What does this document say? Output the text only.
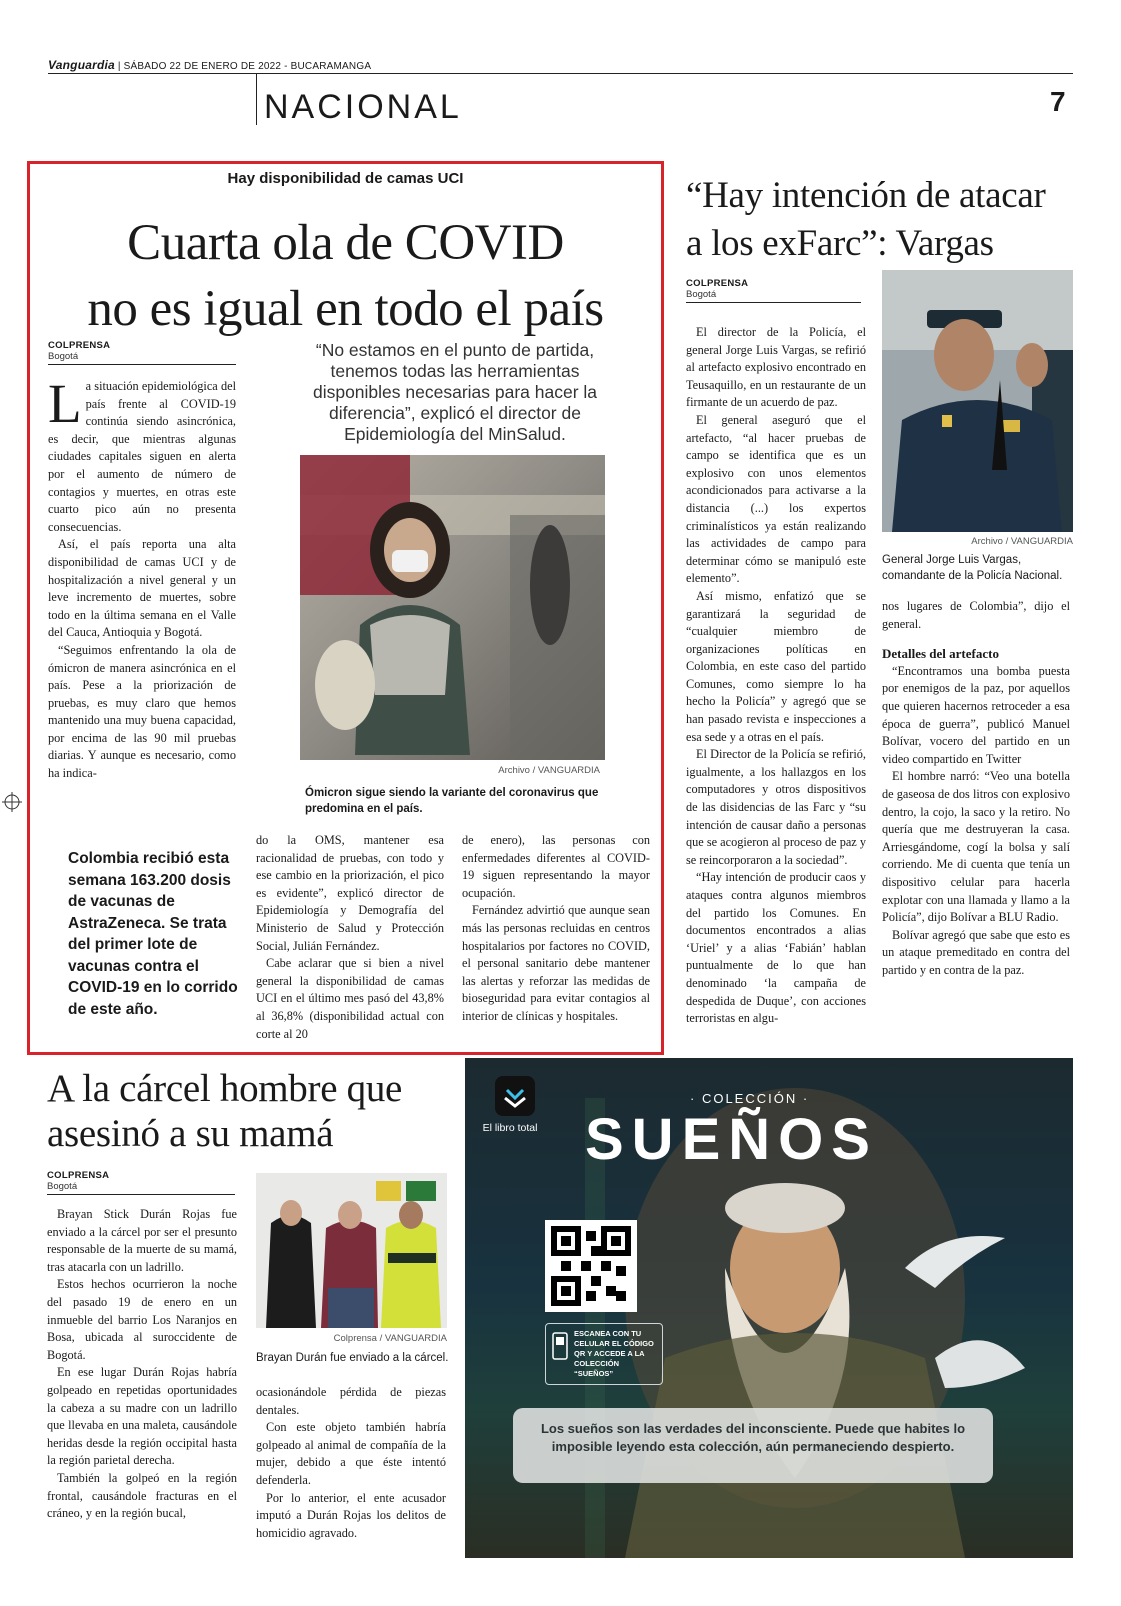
Vanguardia | SÁBADO 22 DE ENERO DE 2022 - BUCARAMANGA
NACIONAL	7
Hay disponibilidad de camas UCI
Cuarta ola de COVID
no es igual en todo el país
COLPRENSA
Bogotá

La situación epidemiológica del país frente al COVID-19 continúa siendo asincrónica, es decir, que mientras algunas ciudades capitales siguen en alerta por el aumento de número de contagios y muertes, en otras este cuarto pico aún no presenta consecuencias.

Así, el país reporta una alta disponibilidad de camas UCI y de hospitalización a nivel general y un leve incremento de muertes, sobre todo en la última semana en el Valle del Cauca, Antioquia y Bogotá.

“Seguimos enfrentando la ola de ómicron de manera asincrónica en el país. Pese a la priorización de pruebas, es muy claro que hemos mantenido una muy buena capacidad, por encima de las 90 mil pruebas diarias. Y aunque es necesario, como ha indica-

“No estamos en el punto de partida, tenemos todas las herramientas disponibles necesarias para hacer la diferencia”, explicó el director de Epidemiología del MinSalud.
Archivo / VANGUARDIA
Ómicron sigue siendo la variante del coronavirus que predomina en el país.
Colombia recibió esta semana 163.200 dosis de vacunas de AstraZeneca. Se trata del primer lote de vacunas contra el COVID-19 en lo corrido de este año.

do la OMS, mantener esa racionalidad de pruebas, con todo y ese cambio en la priorización, el pico es evidente”, explicó director de Epidemiología y Demografía del Ministerio de Salud y Protección Social, Julián Fernández.

Cabe aclarar que si bien a nivel general la disponibilidad de camas UCI en el último mes pasó del 43,8% al 36,8% (disponibilidad actual con corte al 20

de enero), las personas con enfermedades diferentes al COVID-19 siguen representando la mayor ocupación.

Fernández advirtió que aunque sean más las personas recluidas en centros hospitalarios por factores no COVID, el personal sanitario debe mantener las alertas y reforzar las medidas de bioseguridad para evitar contagios al interior de clínicas y hospitales.

“Hay intención de atacar
a los exFarc”: Vargas
COLPRENSA
Bogotá

El director de la Policía, el general Jorge Luis Vargas, se refirió al artefacto explosivo encontrado en Teusaquillo, en un restaurante de un firmante de un acuerdo de paz.

El general aseguró que el artefacto, “al hacer pruebas de campo se identifica que es un explosivo con unos elementos acondicionados para activarse a la distancia (...) los expertos criminalísticos ya están realizando las actividades de campo para determinar cómo se manipuló este elemento”.

Así mismo, enfatizó que se garantizará la seguridad de “cualquier miembro de organizaciones políticas en Colombia, en este caso del partido Comunes, como siempre lo ha hecho la Policía” y agregó que se han pasado revista e inspecciones a esa sede y a otras en el país.

El Director de la Policía se refirió, igualmente, a los hallazgos en los computadores y otros dispositivos de las disidencias de las Farc y “su intención de causar daño a personas que se acogieron al proceso de paz y se reincorporaron a la sociedad”.

“Hay intención de producir caos y ataques contra algunos miembros del partido los Comunes. En documentos encontrados a alias ‘Uriel’ y a alias ‘Fabián’ hablan puntualmente de lo que han denominado ‘la campaña de despedida de Duque’, con acciones terroristas en algu-

Archivo / VANGUARDIA
General Jorge Luis Vargas, comandante de la Policía Nacional.

nos lugares de Colombia”, dijo el general.

Detalles del artefacto

“Encontramos una bomba puesta por enemigos de la paz, por aquellos que quieren hacernos retroceder a esa época de guerra”, publicó Manuel Bolívar, vocero del partido en un video compartido en Twitter

El hombre narró: “Veo una botella de gaseosa de dos litros con explosivo dentro, la cojo, la saco y la retiro. No quería que me destruyeran la casa. Arriesgándome, cogí la bolsa y salí corriendo. Me di cuenta que tenía un dispositivo celular para hacerla explotar con una llamada y llamo a la Policía”, dijo Bolívar a BLU Radio.

Bolívar agregó que sabe que esto es un ataque premeditado en contra del partido y en contra de la paz.

A la cárcel hombre que
asesinó a su mamá
COLPRENSA
Bogotá

Brayan Stick Durán Rojas fue enviado a la cárcel por ser el presunto responsable de la muerte de su mamá, tras atacarla con un ladrillo.

Estos hechos ocurrieron la noche del pasado 19 de enero en un inmueble del barrio Los Naranjos en Bosa, ubicada al suroccidente de Bogotá.

En ese lugar Durán Rojas habría golpeado en repetidas oportunidades la cabeza a su madre con un ladrillo que llevaba en una maleta, causándole heridas desde la región occipital hasta la región parietal derecha.

También la golpeó en la región frontal, causándole fracturas en el cráneo, y en la región bucal,

Colprensa / VANGUARDIA
Brayan Durán fue enviado a la cárcel.

ocasionándole pérdida de piezas dentales.

Con este objeto también habría golpeado al animal de compañía de la mujer, debido a que éste intentó defenderla.

Por lo anterior, el ente acusador imputó a Durán Rojas los delitos de homicidio agravado.

El libro total
· COLECCIÓN ·
SUEÑOS
ESCANEA CON TU CELULAR EL CÓDIGO QR Y ACCEDE A LA COLECCIÓN “SUEÑOS”
Los sueños son las verdades del inconsciente. Puede que habites lo imposible leyendo esta colección, aún permaneciendo despierto.
